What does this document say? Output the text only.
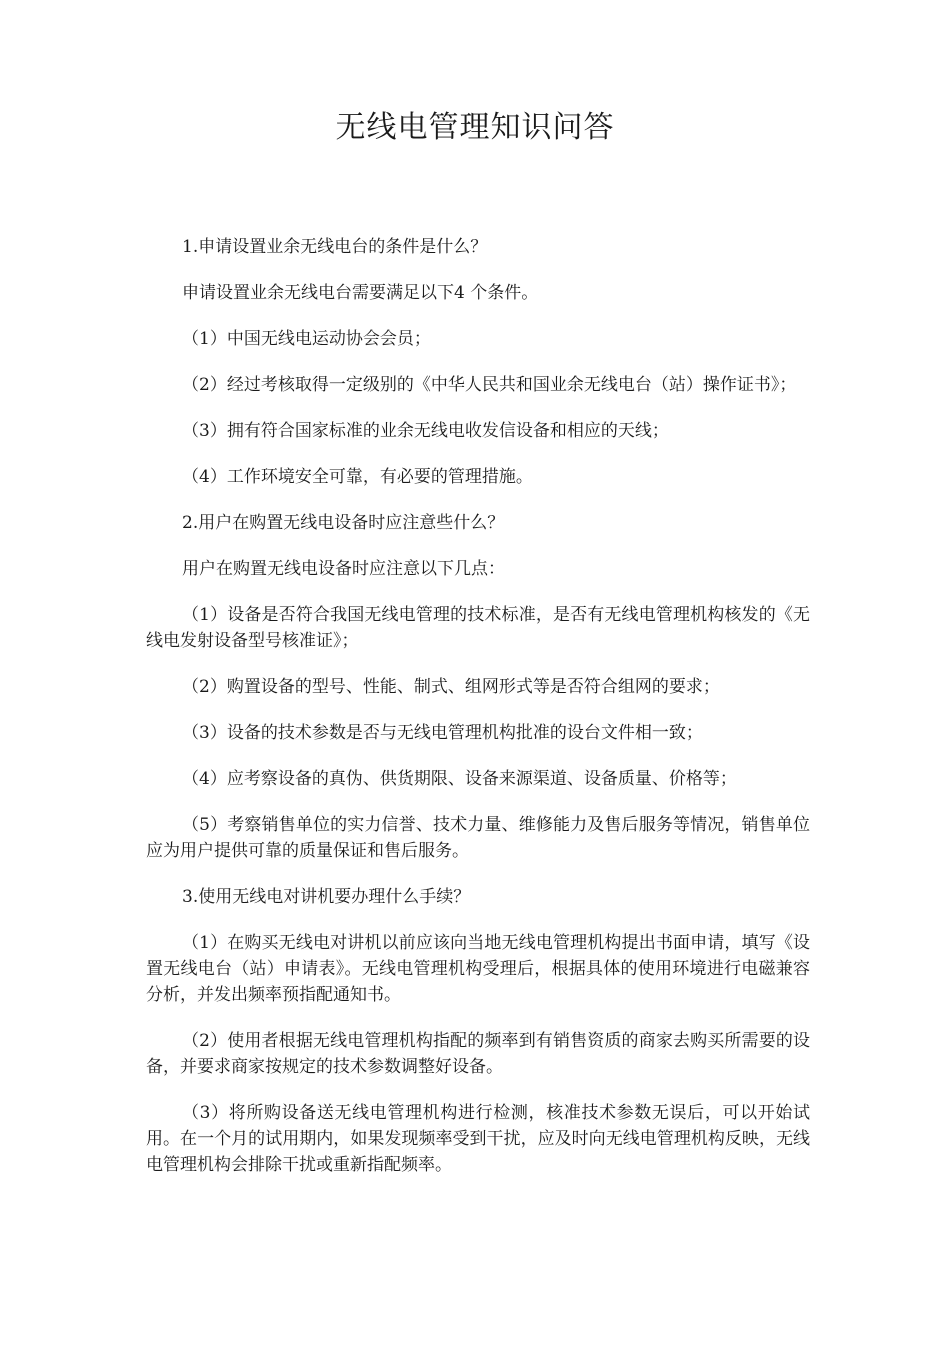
无线电管理知识问答

1.申请设置业余无线电台的条件是什么？

申请设置业余无线电台需要满足以下4 个条件。

（1）中国无线电运动协会会员；

（2）经过考核取得一定级别的《中华人民共和国业余无线电台（站）操作证书》；

（3）拥有符合国家标准的业余无线电收发信设备和相应的天线；

（4）工作环境安全可靠，有必要的管理措施。

2.用户在购置无线电设备时应注意些什么？

用户在购置无线电设备时应注意以下几点：

（1）设备是否符合我国无线电管理的技术标准，是否有无线电管理机构核发的《无线电发射设备型号核准证》；

（2）购置设备的型号、性能、制式、组网形式等是否符合组网的要求；

（3）设备的技术参数是否与无线电管理机构批准的设台文件相一致；

（4）应考察设备的真伪、供货期限、设备来源渠道、设备质量、价格等；

（5）考察销售单位的实力信誉、技术力量、维修能力及售后服务等情况，销售单位应为用户提供可靠的质量保证和售后服务。

3.使用无线电对讲机要办理什么手续？

（1）在购买无线电对讲机以前应该向当地无线电管理机构提出书面申请，填写《设置无线电台（站）申请表》。无线电管理机构受理后，根据具体的使用环境进行电磁兼容分析，并发出频率预指配通知书。

（2）使用者根据无线电管理机构指配的频率到有销售资质的商家去购买所需要的设备，并要求商家按规定的技术参数调整好设备。

（3）将所购设备送无线电管理机构进行检测，核准技术参数无误后，可以开始试用。在一个月的试用期内，如果发现频率受到干扰，应及时向无线电管理机构反映，无线电管理机构会排除干扰或重新指配频率。
